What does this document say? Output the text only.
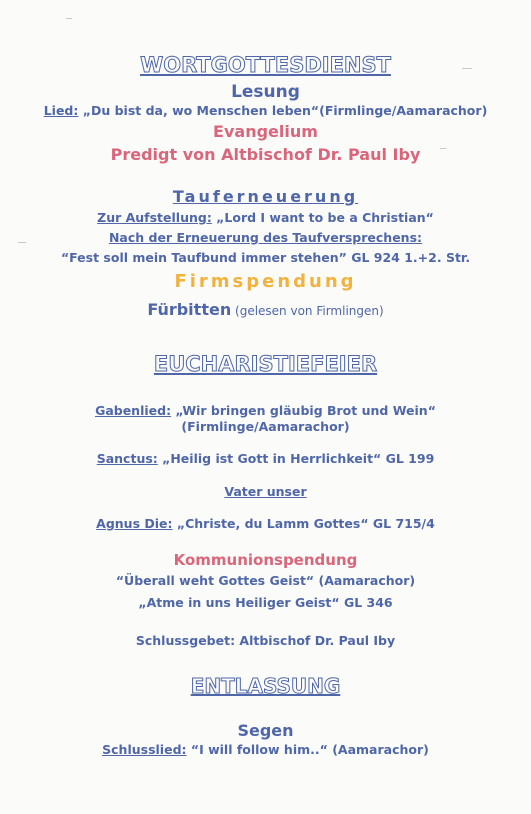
WORTGOTTESDIENST
Lesung
Lied: „Du bist da, wo Menschen leben“(Firmlinge/Aamarachor)
Evangelium
Predigt von Altbischof Dr. Paul Iby
Tauferneuerung
Zur Aufstellung: „Lord I want to be a Christian“
Nach der Erneuerung des Taufversprechens:
“Fest soll mein Taufbund immer stehen” GL 924 1.+2. Str.
Firmspendung
Fürbitten (gelesen von Firmlingen)
EUCHARISTIEFEIER
Gabenlied: „Wir bringen gläubig Brot und Wein“
(Firmlinge/Aamarachor)
Sanctus: „Heilig ist Gott in Herrlichkeit“ GL 199
Vater unser
Agnus Die: „Christe, du Lamm Gottes“ GL 715/4
Kommunionspendung
“Überall weht Gottes Geist“ (Aamarachor)
„Atme in uns Heiliger Geist“ GL 346
Schlussgebet: Altbischof Dr. Paul Iby
ENTLASSUNG
Segen
Schlusslied: “I will follow him..“ (Aamarachor)
